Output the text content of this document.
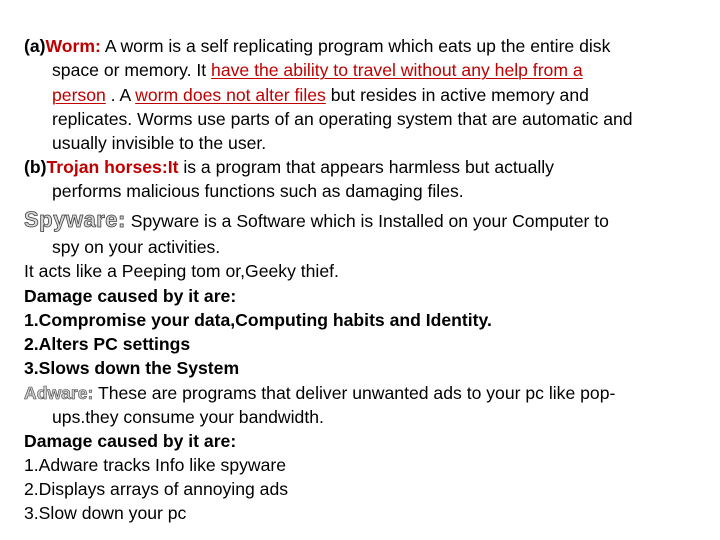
(a)Worm: A worm is a self replicating program which eats up the entire disk
space or memory. It have the ability to travel without any help from a
person . A worm does not alter files but resides in active memory and
replicates. Worms use parts of an operating system that are automatic and
usually invisible to the user.
(b)Trojan horses:It is a program that appears harmless but actually
performs malicious functions such as damaging files.
Spyware: Spyware is a Software which is Installed on your Computer to
spy on your activities.
It acts like a Peeping tom or,Geeky thief.
Damage caused by it are:
1.Compromise your data,Computing habits and Identity.
2.Alters PC settings
3.Slows down the System
Adware: These are programs that deliver unwanted ads to your pc like pop-
ups.they consume your bandwidth.
Damage caused by it are:
1.Adware tracks Info like spyware
2.Displays arrays of annoying ads
3.Slow down your pc
